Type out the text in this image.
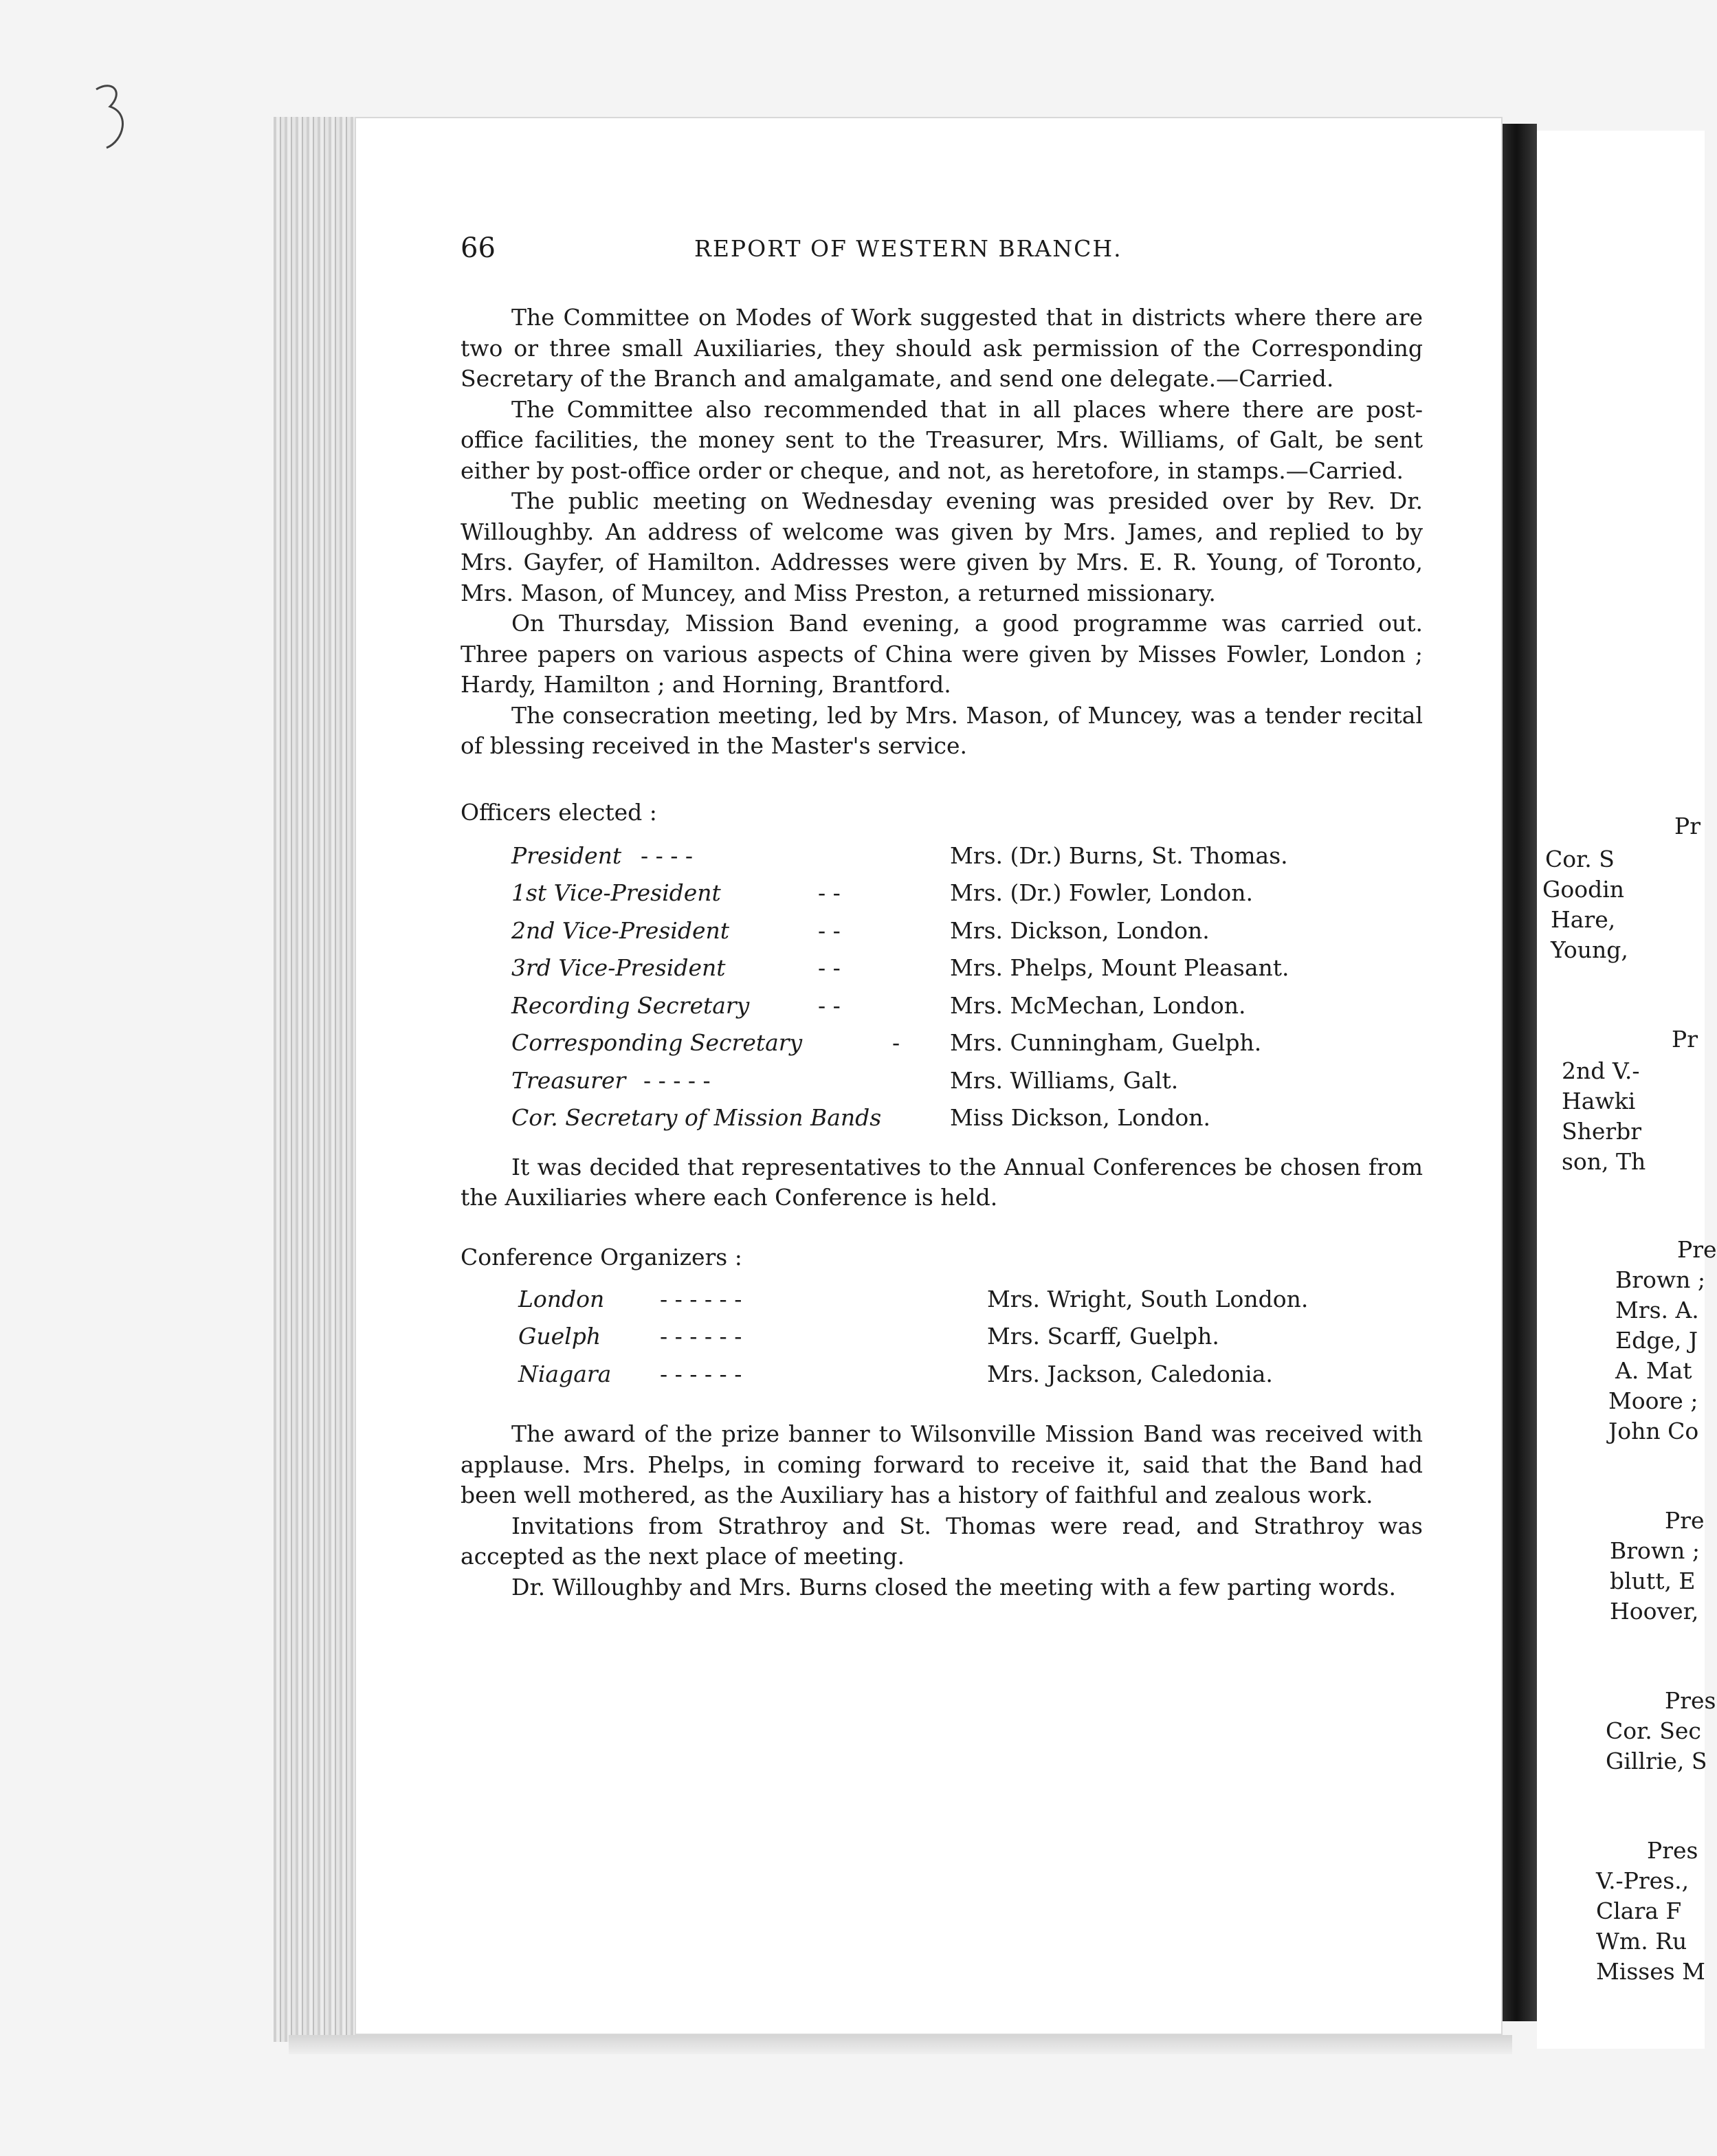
66	REPORT OF WESTERN BRANCH.

The Committee on Modes of Work suggested that in districts where there are two or three small Auxiliaries, they should ask permission of the Corresponding Secretary of the Branch and amalgamate, and send one delegate.—Carried.

The Committee also recommended that in all places where there are post-office facilities, the money sent to the Treasurer, Mrs. Williams, of Galt, be sent either by post-office order or cheque, and not, as heretofore, in stamps.—Carried.

The public meeting on Wednesday evening was presided over by Rev. Dr. Willoughby. An address of welcome was given by Mrs. James, and replied to by Mrs. Gayfer, of Hamilton. Addresses were given by Mrs. E. R. Young, of Toronto, Mrs. Mason, of Muncey, and Miss Preston, a returned missionary.

On Thursday, Mission Band evening, a good programme was carried out. Three papers on various aspects of China were given by Misses Fowler, London ; Hardy, Hamilton ; and Horning, Brantford.

The consecration meeting, led by Mrs. Mason, of Muncey, was a tender recital of blessing received in the Master's service.

Officers elected :
President - - - -	Mrs. (Dr.) Burns, St. Thomas.
1st Vice-President	- -	Mrs. (Dr.) Fowler, London.
2nd Vice-President	- -	Mrs. Dickson, London.
3rd Vice-President	- -	Mrs. Phelps, Mount Pleasant.
Recording Secretary	- -	Mrs. McMechan, London.
Corresponding Secretary	- Mrs. Cunningham, Guelph.
Treasurer - - - - -	Mrs. Williams, Galt.
Cor. Secretary of Mission Bands	Miss Dickson, London.

It was decided that representatives to the Annual Conferences be chosen from the Auxiliaries where each Conference is held.

Conference Organizers :
London - - - - - -	Mrs. Wright, South London.
Guelph	- - - - - -	Mrs. Scarff, Guelph.
Niagara - - - - - -	Mrs. Jackson, Caledonia.

The award of the prize banner to Wilsonville Mission Band was received with applause. Mrs. Phelps, in coming forward to receive it, said that the Band had been well mothered, as the Auxiliary has a history of faithful and zealous work.

Invitations from Strathroy and St. Thomas were read, and Strathroy was accepted as the next place of meeting.

Dr. Willoughby and Mrs. Burns closed the meeting with a few parting words.

Pr
Cor. S
Goodin
Hare,
Young,
Pr
2nd V.-
Hawki
Sherbr
son, Th
Pre
Brown ;
Mrs. A.
Edge, J
A. Mat
Moore ;
John Co
Pre
Brown ;
blutt, E
Hoover,
Pres
Cor. Sec
Gillrie, S
Pres
V.-Pres.,
Clara F
Wm. Ru
Misses M
